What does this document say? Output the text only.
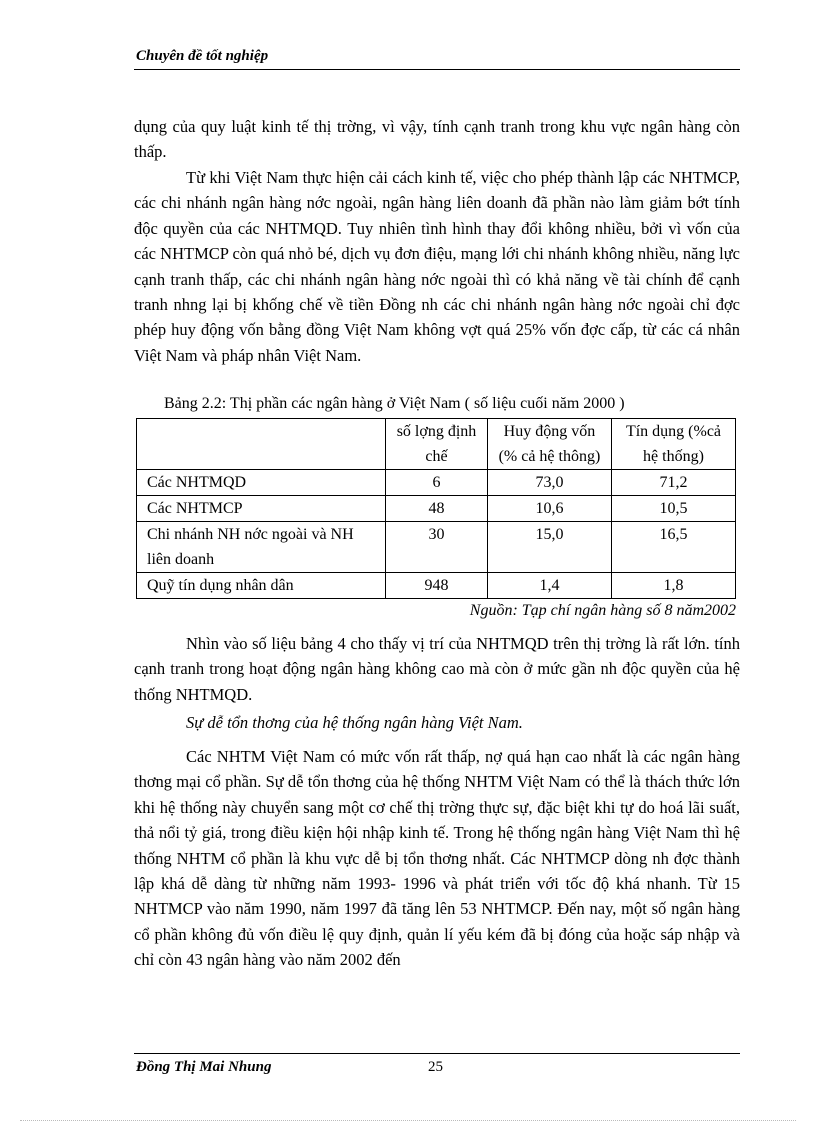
Chuyên đề tốt nghiệp

dụng của quy luật kinh tế thị trờng, vì vậy, tính cạnh tranh trong khu vực ngân hàng còn thấp.

Từ khi Việt Nam thực hiện cải cách kinh tế, việc cho phép thành lập các NHTMCP, các chi nhánh ngân hàng nớc ngoài, ngân hàng liên doanh đã phần nào làm giảm bớt tính độc quyền của các NHTMQD. Tuy nhiên tình hình thay đổi không nhiều, bởi vì vốn của các NHTMCP còn quá nhỏ bé, dịch vụ đơn điệu, mạng lới chi nhánh không nhiều, năng lực cạnh tranh thấp, các chi nhánh ngân hàng nớc ngoài thì có khả năng về tài chính để cạnh tranh nhng lại bị khống chế về tiền Đồng nh các chi nhánh ngân hàng nớc ngoài chỉ đợc phép huy động vốn bằng đồng Việt Nam không vợt quá 25% vốn đợc cấp, từ các cá nhân Việt Nam và pháp nhân Việt Nam.

Bảng 2.2: Thị phần các ngân hàng ở Việt Nam ( số liệu cuối năm 2000 )
	số lợng định chế	Huy động vốn (% cả hệ thông)	Tín dụng (%cả hệ thống)
Các NHTMQD	6	73,0	71,2
Các NHTMCP	48	10,6	10,5
Chi nhánh NH nớc ngoài và NH liên doanh	30	15,0	16,5
Quỹ tín dụng nhân dân	948	1,4	1,8
Nguồn: Tạp chí ngân hàng số 8 năm2002

Nhìn vào số liệu bảng 4 cho thấy vị trí của NHTMQD trên thị trờng là rất lớn. tính cạnh tranh trong hoạt động ngân hàng không cao mà còn ở mức gần nh độc quyền của hệ thống NHTMQD.

Sự dễ tổn thơng của hệ thống ngân hàng Việt Nam.

Các NHTM Việt Nam có mức vốn rất thấp, nợ quá hạn cao nhất là các ngân hàng thơng mại cổ phần. Sự dễ tổn thơng của hệ thống NHTM Việt Nam có thể là thách thức lớn khi hệ thống này chuyển sang một cơ chế thị trờng thực sự, đặc biệt khi tự do hoá lãi suất, thả nổi tỷ giá, trong điều kiện hội nhập kinh tế. Trong hệ thống ngân hàng Việt Nam thì hệ thống NHTM cổ phần là khu vực dễ bị tổn thơng nhất. Các NHTMCP dòng nh đợc thành lập khá dễ dàng từ những năm 1993- 1996 và phát triển với tốc độ khá nhanh. Từ 15 NHTMCP vào năm 1990, năm 1997 đã tăng lên 53 NHTMCP. Đến nay, một số ngân hàng cổ phần không đủ vốn điều lệ quy định, quản lí yếu kém đã bị đóng của hoặc sáp nhập và chỉ còn 43 ngân hàng vào năm 2002 đến

Đồng Thị Mai Nhung	25
